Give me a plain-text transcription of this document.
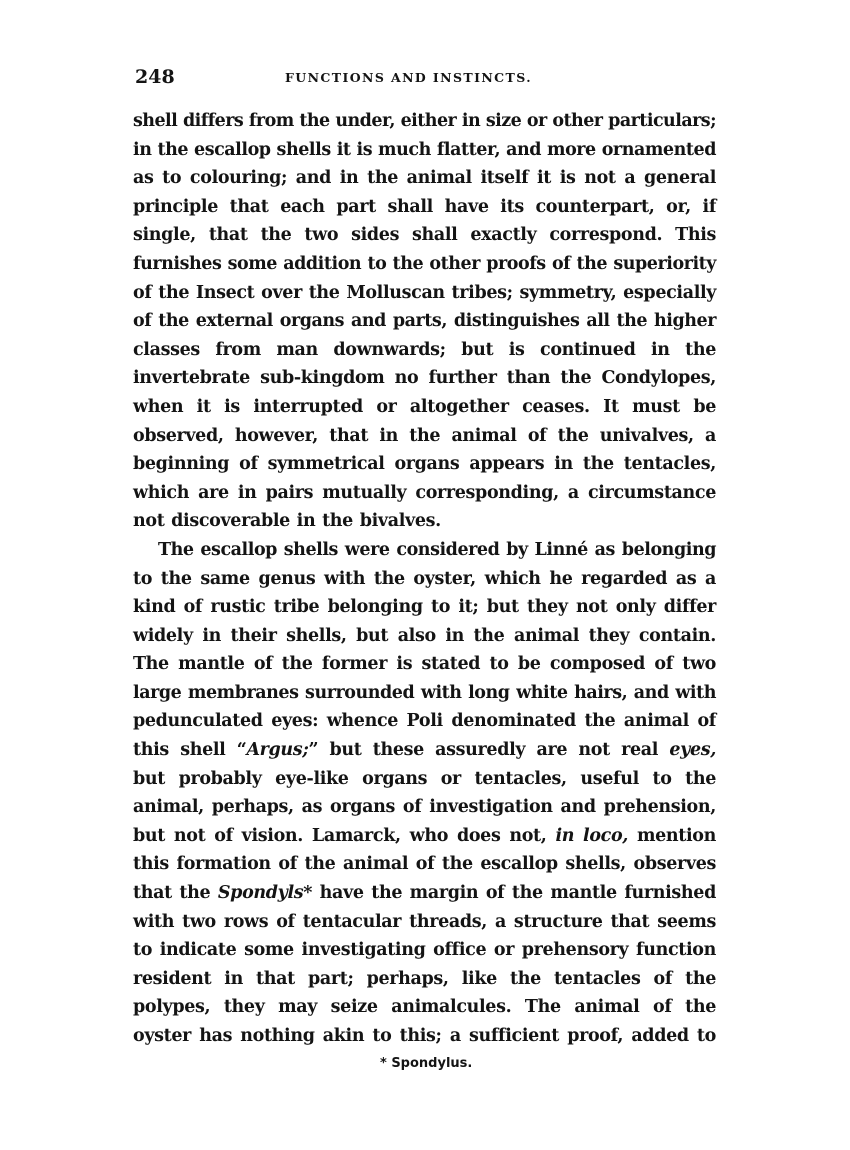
248	FUNCTIONS AND INSTINCTS.
shell differs from the under, either in size or other particulars;
in the escallop shells it is much flatter, and more ornamented
as to colouring; and in the animal itself it is not a general
principle that each part shall have its counterpart, or, if
single, that the two sides shall exactly correspond. This
furnishes some addition to the other proofs of the superiority
of the Insect over the Molluscan tribes; symmetry, especially
of the external organs and parts, distinguishes all the higher
classes from man downwards; but is continued in the
invertebrate sub-kingdom no further than the Condylopes,
when it is interrupted or altogether ceases. It must be
observed, however, that in the animal of the univalves, a
beginning of symmetrical organs appears in the tentacles,
which are in pairs mutually corresponding, a circumstance
not discoverable in the bivalves.
The escallop shells were considered by Linné as belonging
to the same genus with the oyster, which he regarded as a
kind of rustic tribe belonging to it; but they not only differ
widely in their shells, but also in the animal they contain.
The mantle of the former is stated to be composed of two
large membranes surrounded with long white hairs, and with
pedunculated eyes: whence Poli denominated the animal of
this shell “Argus;” but these assuredly are not real eyes,
but probably eye-like organs or tentacles, useful to the
animal, perhaps, as organs of investigation and prehension,
but not of vision. Lamarck, who does not, in loco, mention
this formation of the animal of the escallop shells, observes
that the Spondyls* have the margin of the mantle furnished
with two rows of tentacular threads, a structure that seems
to indicate some investigating office or prehensory function
resident in that part; perhaps, like the tentacles of the
polypes, they may seize animalcules. The animal of the
oyster has nothing akin to this; a sufficient proof, added to
* Spondylus.
